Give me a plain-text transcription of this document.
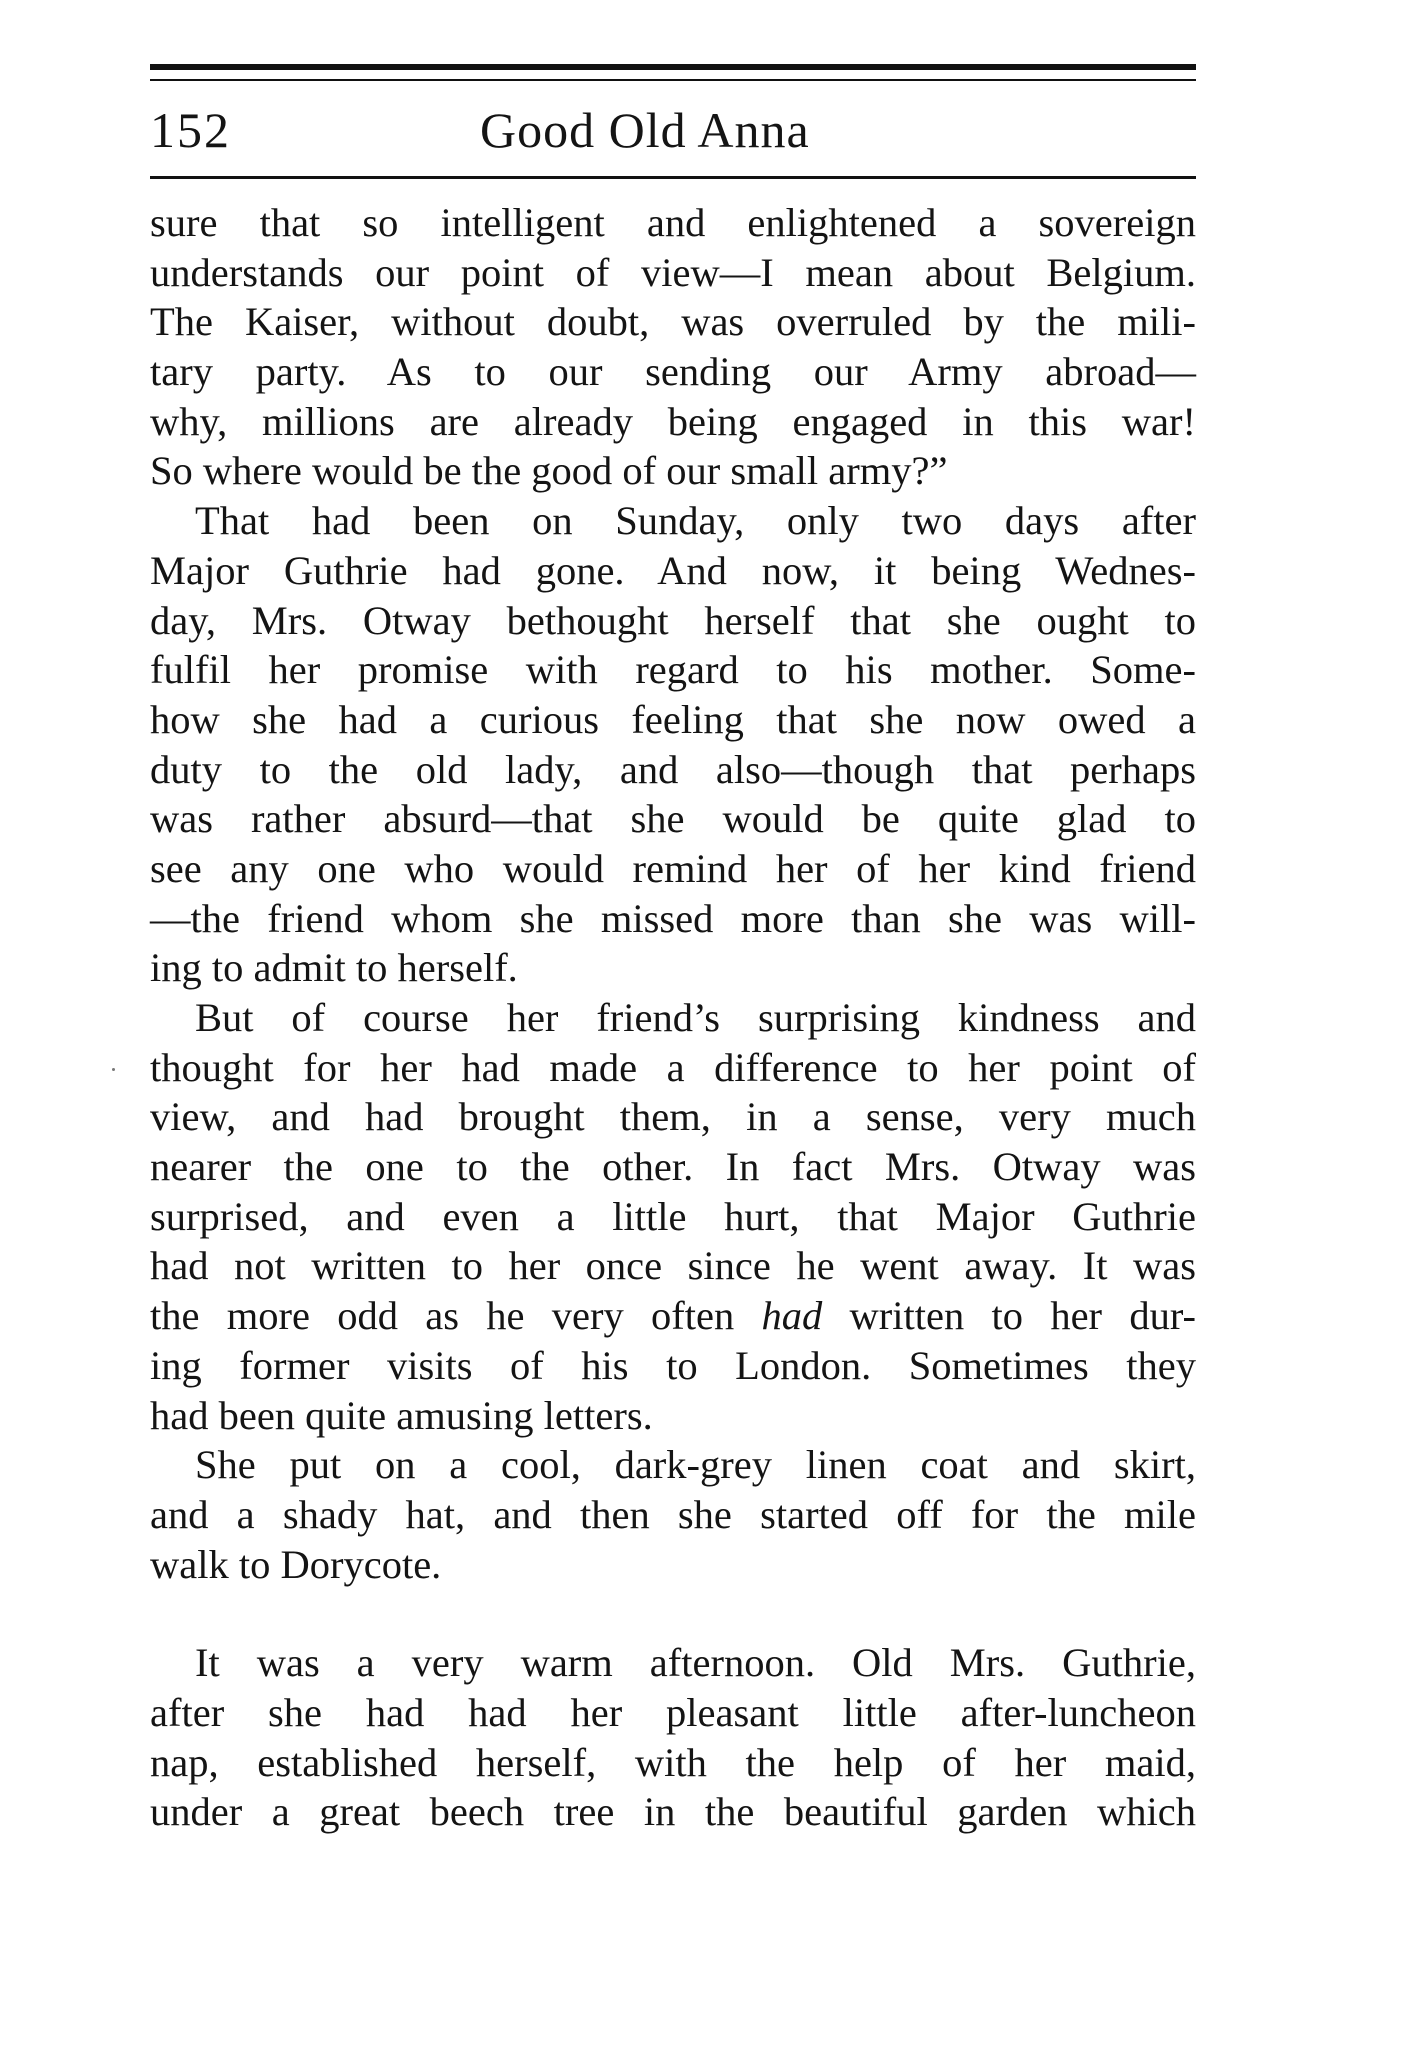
152	Good Old Anna
sure that so intelligent and enlightened a sovereign
understands our point of view—I mean about Belgium.
The Kaiser, without doubt, was overruled by the mili-
tary party. As to our sending our Army abroad—
why, millions are already being engaged in this war!
So where would be the good of our small army?”
That had been on Sunday, only two days after
Major Guthrie had gone. And now, it being Wednes-
day, Mrs. Otway bethought herself that she ought to
fulfil her promise with regard to his mother. Some-
how she had a curious feeling that she now owed a
duty to the old lady, and also—though that perhaps
was rather absurd—that she would be quite glad to
see any one who would remind her of her kind friend
—the friend whom she missed more than she was will-
ing to admit to herself.
But of course her friend’s surprising kindness and
thought for her had made a difference to her point of
view, and had brought them, in a sense, very much
nearer the one to the other. In fact Mrs. Otway was
surprised, and even a little hurt, that Major Guthrie
had not written to her once since he went away. It was
the more odd as he very often had written to her dur-
ing former visits of his to London. Sometimes they
had been quite amusing letters.
She put on a cool, dark-grey linen coat and skirt,
and a shady hat, and then she started off for the mile
walk to Dorycote.
It was a very warm afternoon. Old Mrs. Guthrie,
after she had had her pleasant little after-luncheon
nap, established herself, with the help of her maid,
under a great beech tree in the beautiful garden which
